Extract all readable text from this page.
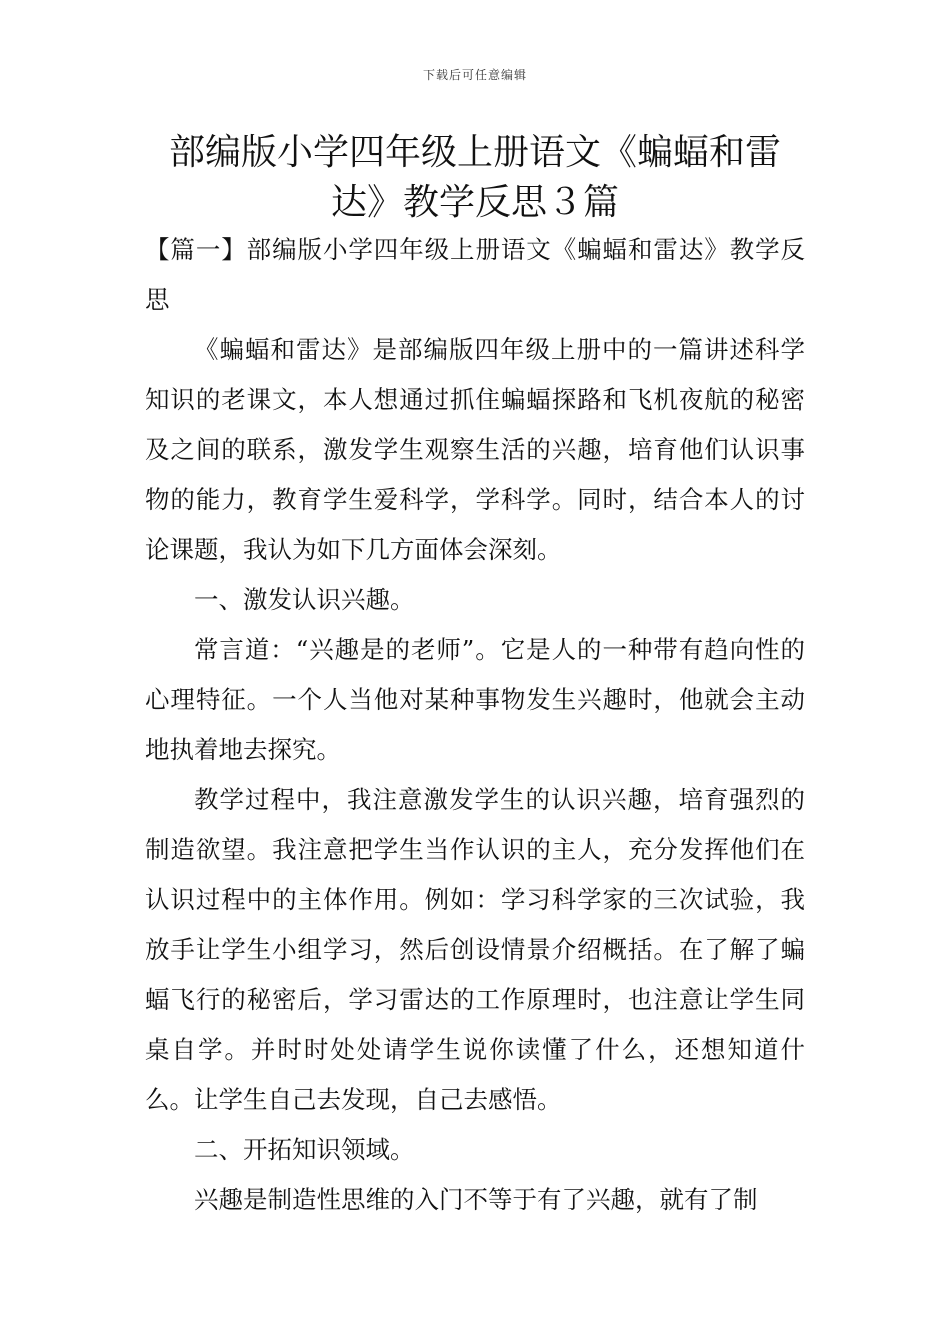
下载后可任意编辑
部编版小学四年级上册语文《蝙蝠和雷
达》教学反思３篇

【篇一】部编版小学四年级上册语文《蝙蝠和雷达》教学反思

《蝙蝠和雷达》是部编版四年级上册中的一篇讲述科学知识的老课文，本人想通过抓住蝙蝠探路和飞机夜航的秘密及之间的联系，激发学生观察生活的兴趣，培育他们认识事物的能力，教育学生爱科学，学科学。同时，结合本人的讨论课题，我认为如下几方面体会深刻。

一、激发认识兴趣。

常言道：“兴趣是的老师”。它是人的一种带有趋向性的心理特征。一个人当他对某种事物发生兴趣时，他就会主动地执着地去探究。

教学过程中，我注意激发学生的认识兴趣，培育强烈的制造欲望。我注意把学生当作认识的主人，充分发挥他们在认识过程中的主体作用。例如：学习科学家的三次试验，我放手让学生小组学习，然后创设情景介绍概括。在了解了蝙蝠飞行的秘密后，学习雷达的工作原理时，也注意让学生同桌自学。并时时处处请学生说你读懂了什么，还想知道什么。让学生自己去发现，自己去感悟。

二、开拓知识领域。

兴趣是制造性思维的入门不等于有了兴趣，就有了制
